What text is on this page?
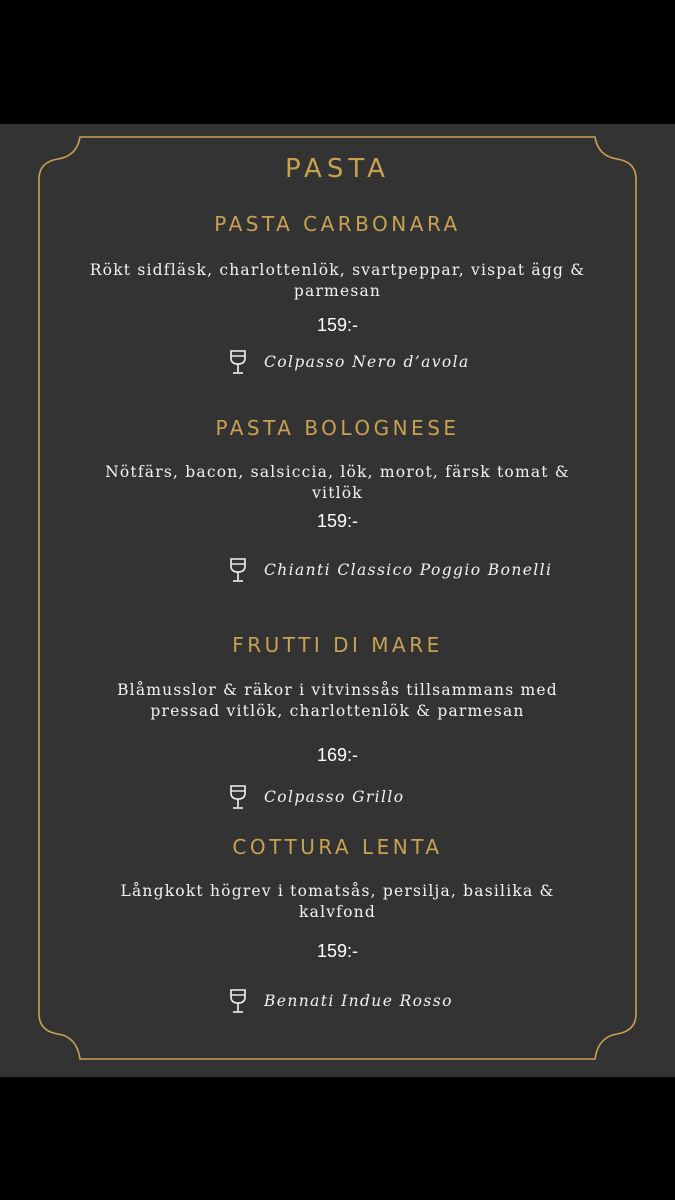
PASTA
PASTA CARBONARA
Rökt sidfläsk, charlottenlök, svartpeppar, vispat ägg &
parmesan
159:-
Colpasso Nero d’avola
PASTA BOLOGNESE
Nötfärs, bacon, salsiccia, lök, morot, färsk tomat &
vitlök
159:-
Chianti Classico Poggio Bonelli
FRUTTI DI MARE
Blåmusslor & räkor i vitvinssås tillsammans med
pressad vitlök, charlottenlök & parmesan
169:-
Colpasso Grillo
COTTURA LENTA
Långkokt högrev i tomatsås, persilja, basilika &
kalvfond
159:-
Bennati Indue Rosso
